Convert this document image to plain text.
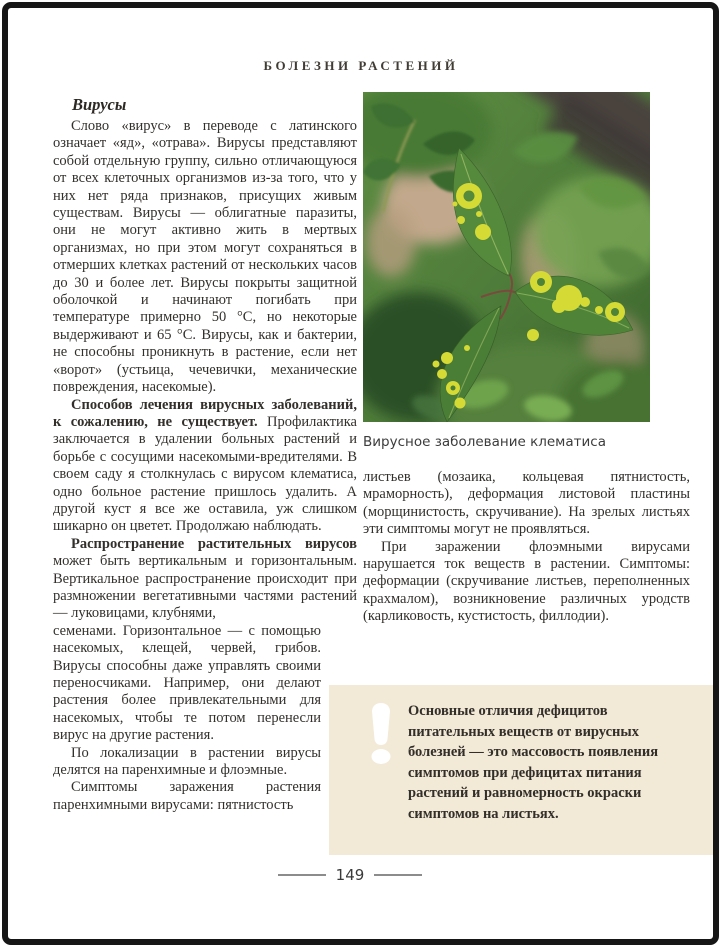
БОЛЕЗНИ РАСТЕНИЙ

Вирусы

Слово «вирус» в переводе с латинского означает «яд», «отрава». Вирусы представляют собой отдельную группу, сильно отличающуюся от всех клеточных организмов из-за того, что у них нет ряда признаков, присущих живым существам. Вирусы — облигатные паразиты, они не могут активно жить в мертвых организмах, но при этом могут сохраняться в отмерших клетках растений от нескольких часов до 30 и более лет. Вирусы покрыты защитной оболочкой и начинают погибать при температуре примерно 50 °C, но некоторые выдерживают и 65 °C. Вирусы, как и бактерии, не способны проникнуть в растение, если нет «ворот» (устьица, чечевички, механические повреждения, насекомые).

Способов лечения вирусных заболеваний, к сожалению, не существует. Профилактика заключается в удалении больных растений и борьбе с сосущими насекомыми-вредителями. В своем саду я столкнулась с вирусом клематиса, одно больное растение пришлось удалить. А другой куст я все же оставила, уж слишком шикарно он цветет. Продолжаю наблюдать.

Распространение растительных вирусов может быть вертикальным и горизонтальным. Вертикальное распространение происходит при размножении вегетативными частями растений — луковицами, клубнями,

семенами. Горизонтальное — с помощью насекомых, клещей, червей, грибов. Вирусы способны даже управлять своими переносчиками. Например, они делают растения более привлекательными для насекомых, чтобы те потом перенесли вирус на другие растения.

По локализации в растении вирусы делятся на паренхимные и флоэмные.

Симптомы заражения растения паренхимными вирусами: пятнистость

Вирусное заболевание клематиса

листьев (мозаика, кольцевая пятнистость, мраморность), деформация листовой пластины (морщинистость, скручивание). На зрелых листьях эти симптомы могут не проявляться.

При заражении флоэмными вирусами нарушается ток веществ в растении. Симптомы: деформации (скручивание листьев, переполненных крахмалом), возникновение различных уродств (карликовость, кустистость, филлодии).

Основные отличия дефицитов питательных веществ от вирусных болезней — это массовость появления симптомов при дефицитах питания растений и равномерность окраски симптомов на листьях.
149
